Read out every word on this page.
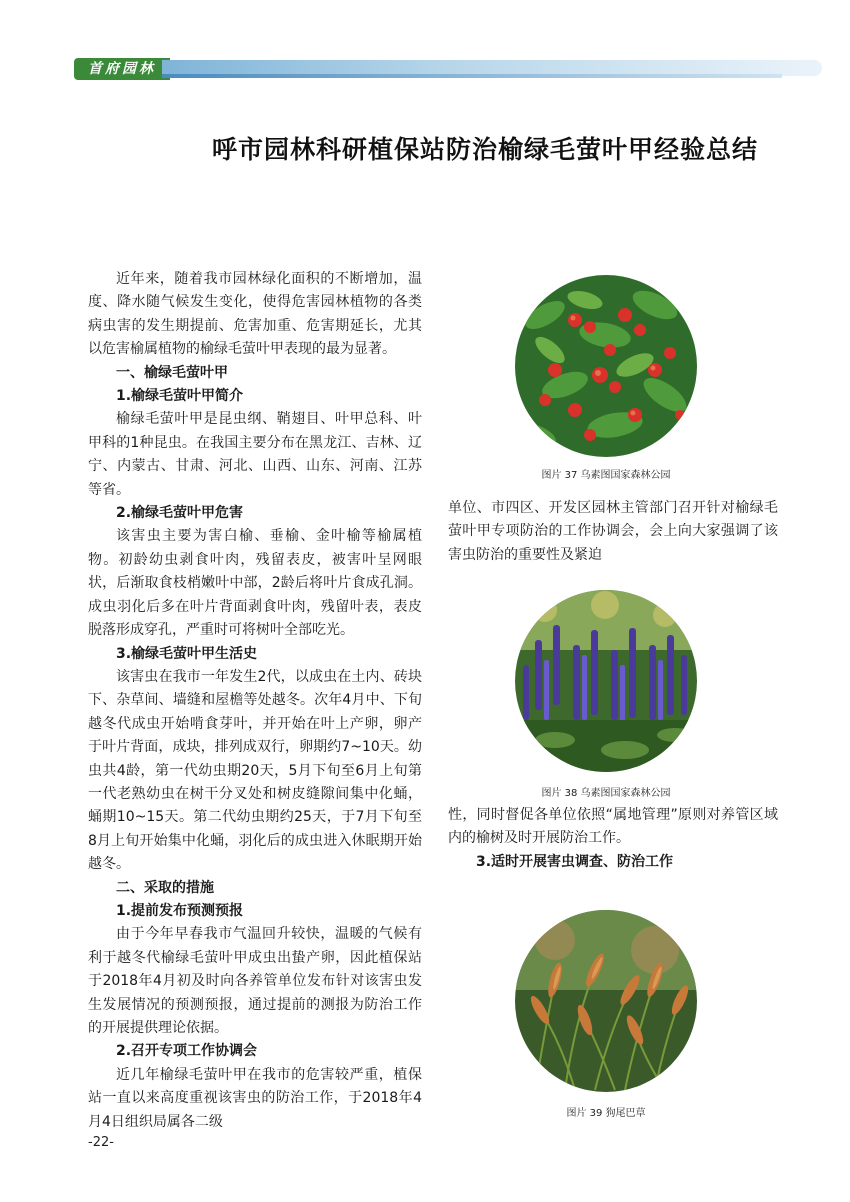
首府园林
呼市园林科研植保站防治榆绿毛萤叶甲经验总结

近年来，随着我市园林绿化面积的不断增加，温度、降水随气候发生变化，使得危害园林植物的各类病虫害的发生期提前、危害加重、危害期延长，尤其以危害榆属植物的榆绿毛萤叶甲表现的最为显著。

一、榆绿毛萤叶甲
1.榆绿毛萤叶甲简介

榆绿毛萤叶甲是昆虫纲、鞘翅目、叶甲总科、叶甲科的1种昆虫。在我国主要分布在黑龙江、吉林、辽宁、内蒙古、甘肃、河北、山西、山东、河南、江苏等省。

2.榆绿毛萤叶甲危害

该害虫主要为害白榆、垂榆、金叶榆等榆属植物。初龄幼虫剥食叶肉，残留表皮，被害叶呈网眼状，后渐取食枝梢嫩叶中部，2龄后将叶片食成孔洞。成虫羽化后多在叶片背面剥食叶肉，残留叶表，表皮脱落形成穿孔，严重时可将树叶全部吃光。

3.榆绿毛萤叶甲生活史

该害虫在我市一年发生2代，以成虫在土内、砖块下、杂草间、墙缝和屋檐等处越冬。次年4月中、下旬越冬代成虫开始啃食芽叶，并开始在叶上产卵，卵产于叶片背面，成块，排列成双行，卵期约7~10天。幼虫共4龄，第一代幼虫期20天，5月下旬至6月上旬第一代老熟幼虫在树干分叉处和树皮缝隙间集中化蛹，蛹期10~15天。第二代幼虫期约25天，于7月下旬至8月上旬开始集中化蛹，羽化后的成虫进入休眠期开始越冬。

二、采取的措施
1.提前发布预测预报

由于今年早春我市气温回升较快，温暖的气候有利于越冬代榆绿毛萤叶甲成虫出蛰产卵，因此植保站于2018年4月初及时向各养管单位发布针对该害虫发生发展情况的预测预报，通过提前的测报为防治工作的开展提供理论依据。

2.召开专项工作协调会

近几年榆绿毛萤叶甲在我市的危害较严重，植保站一直以来高度重视该害虫的防治工作，于2018年4月4日组织局属各二级

图片 37 乌素图国家森林公园

单位、市四区、开发区园林主管部门召开针对榆绿毛萤叶甲专项防治的工作协调会，会上向大家强调了该害虫防治的重要性及紧迫

图片 38 乌素图国家森林公园

性，同时督促各单位依照“属地管理”原则对养管区域内的榆树及时开展防治工作。

3.适时开展害虫调查、防治工作
图片 39 狗尾巴草
-22-
